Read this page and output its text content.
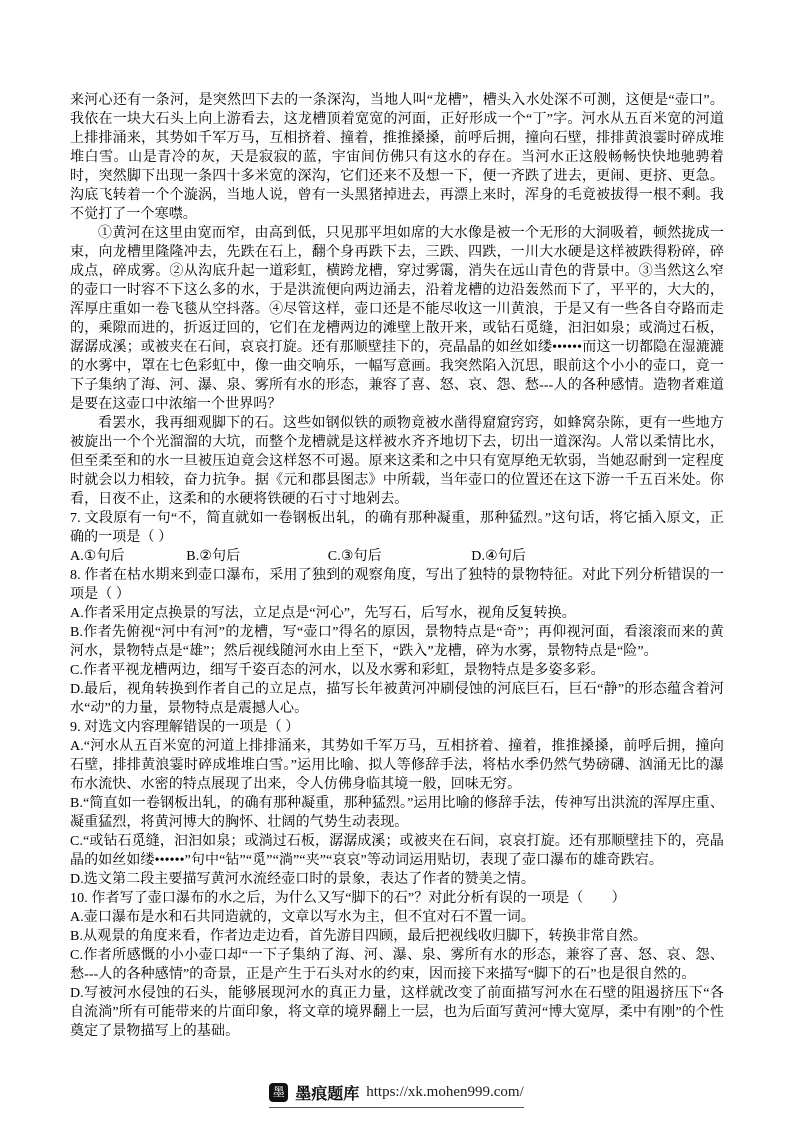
来河心还有一条河，是突然凹下去的一条深沟，当地人叫“龙槽”，槽头入水处深不可测，这便是“壶口”。我依在一块大石头上向上游看去，这龙槽顶着宽宽的河面，正好形成一个“丁”字。河水从五百米宽的河道上排排涌来，其势如千军万马，互相挤着、撞着，推推搡搡，前呼后拥，撞向石壁，排排黄浪霎时碎成堆堆白雪。山是青冷的灰，天是寂寂的蓝，宇宙间仿佛只有这水的存在。当河水正这般畅畅快快地驰骋着时，突然脚下出现一条四十多米宽的深沟，它们还来不及想一下，便一齐跌了进去，更闹、更挤、更急。沟底飞转着一个个漩涡，当地人说，曾有一头黑猪掉进去，再漂上来时，浑身的毛竟被拔得一根不剩。我不觉打了一个寒噤。

①黄河在这里由宽而窄，由高到低，只见那平坦如席的大水像是被一个无形的大洞吸着，顿然拢成一束，向龙槽里隆隆冲去，先跌在石上，翻个身再跌下去，三跌、四跌，一川大水硬是这样被跌得粉碎，碎成点，碎成雾。②从沟底升起一道彩虹，横跨龙槽，穿过雾霭，消失在远山青色的背景中。③当然这么窄的壶口一时容不下这么多的水，于是洪流便向两边涌去，沿着龙槽的边沿轰然而下了，平平的，大大的，浑厚庄重如一卷飞毯从空抖落。④尽管这样，壶口还是不能尽收这一川黄浪，于是又有一些各自夺路而走的，乘隙而进的，折返迂回的，它们在龙槽两边的滩壁上散开来，或钻石觅缝，汩汩如泉；或淌过石板，潺潺成溪；或被夹在石间，哀哀打旋。还有那顺壁挂下的，亮晶晶的如丝如缕••••••而这一切都隐在湿漉漉的水雾中，罩在七色彩虹中，像一曲交响乐，一幅写意画。我突然陷入沉思，眼前这个小小的壶口，竟一下子集纳了海、河、瀑、泉、雾所有水的形态，兼容了喜、怒、哀、怨、愁---人的各种感情。造物者难道是要在这壶口中浓缩一个世界吗？

看罢水，我再细观脚下的石。这些如钢似铁的顽物竟被水凿得窟窟窍窍，如蜂窝杂陈，更有一些地方被旋出一个个光溜溜的大坑，而整个龙槽就是这样被水齐齐地切下去，切出一道深沟。人常以柔情比水，但至柔至和的水一旦被压迫竟会这样怒不可遏。原来这柔和之中只有宽厚绝无软弱，当她忍耐到一定程度时就会以力相较，奋力抗争。据《元和郡县图志》中所载，当年壶口的位置还在这下游一千五百米处。你看，日夜不止，这柔和的水硬将铁硬的石寸寸地剁去。

7. 文段原有一句“不，简直就如一卷钢板出轧，的确有那种凝重，那种猛烈。”这句话，将它插入原文，正确的一项是（ ）

A.①句后	B.②句后	C.③句后	D.④句后

8. 作者在枯水期来到壶口瀑布，采用了独到的观察角度，写出了独特的景物特征。对此下列分析错误的一项是（ ）

A.作者采用定点换景的写法，立足点是“河心”，先写石，后写水，视角反复转换。

B.作者先俯视“河中有河”的龙槽，写“壶口”得名的原因，景物特点是“奇”；再仰视河面，看滚滚而来的黄河水，景物特点是“雄”；然后视线随河水由上至下，“跌入”龙槽，碎为水雾，景物特点是“险”。

C.作者平视龙槽两边，细写千姿百态的河水，以及水雾和彩虹，景物特点是多姿多彩。

D.最后，视角转换到作者自己的立足点，描写长年被黄河冲刷侵蚀的河底巨石，巨石“静”的形态蕴含着河水“动”的力量，景物特点是震撼人心。

9. 对选文内容理解错误的一项是（ ）

A.“河水从五百米宽的河道上排排涌来，其势如千军万马，互相挤着、撞着，推推搡搡，前呼后拥，撞向石壁，排排黄浪霎时碎成堆堆白雪。”运用比喻、拟人等修辞手法，将枯水季仍然气势磅礴、汹涌无比的瀑布水流快、水密的特点展现了出来，令人仿佛身临其境一般，回味无穷。

B.“简直如一卷钢板出轧，的确有那种凝重，那种猛烈。”运用比喻的修辞手法，传神写出洪流的浑厚庄重、凝重猛烈，将黄河博大的胸怀、壮阔的气势生动表现。

C.“或钻石觅缝，汩汩如泉；或淌过石板，潺潺成溪；或被夹在石间，哀哀打旋。还有那顺壁挂下的，亮晶晶的如丝如缕••••••”句中“钻”“觅”“淌”“夹”“哀哀”等动词运用贴切，表现了壶口瀑布的雄奇跌宕。

D.选文第二段主要描写黄河水流经壶口时的景象，表达了作者的赞美之情。

10. 作者写了壶口瀑布的水之后，为什么又写“脚下的石”？对此分析有误的一项是（　　）

A.壶口瀑布是水和石共同造就的，文章以写水为主，但不宜对石不置一词。

B.从观景的角度来看，作者边走边看，首先游目四顾，最后把视线收归脚下，转换非常自然。

C.作者所感慨的小小壶口却“一下子集纳了海、河、瀑、泉、雾所有水的形态，兼容了喜、怒、哀、怨、愁---人的各种感情”的奇景，正是产生于石头对水的约束，因而接下来描写“脚下的石”也是很自然的。

D.写被河水侵蚀的石头，能够展现河水的真正力量，这样就改变了前面描写河水在石壁的阻遏挤压下“各自流淌”所有可能带来的片面印象，将文章的境界翻上一层，也为后面写黄河“博大宽厚，柔中有刚”的个性奠定了景物描写上的基础。

墨 墨痕题库 https://xk.mohen999.com/
